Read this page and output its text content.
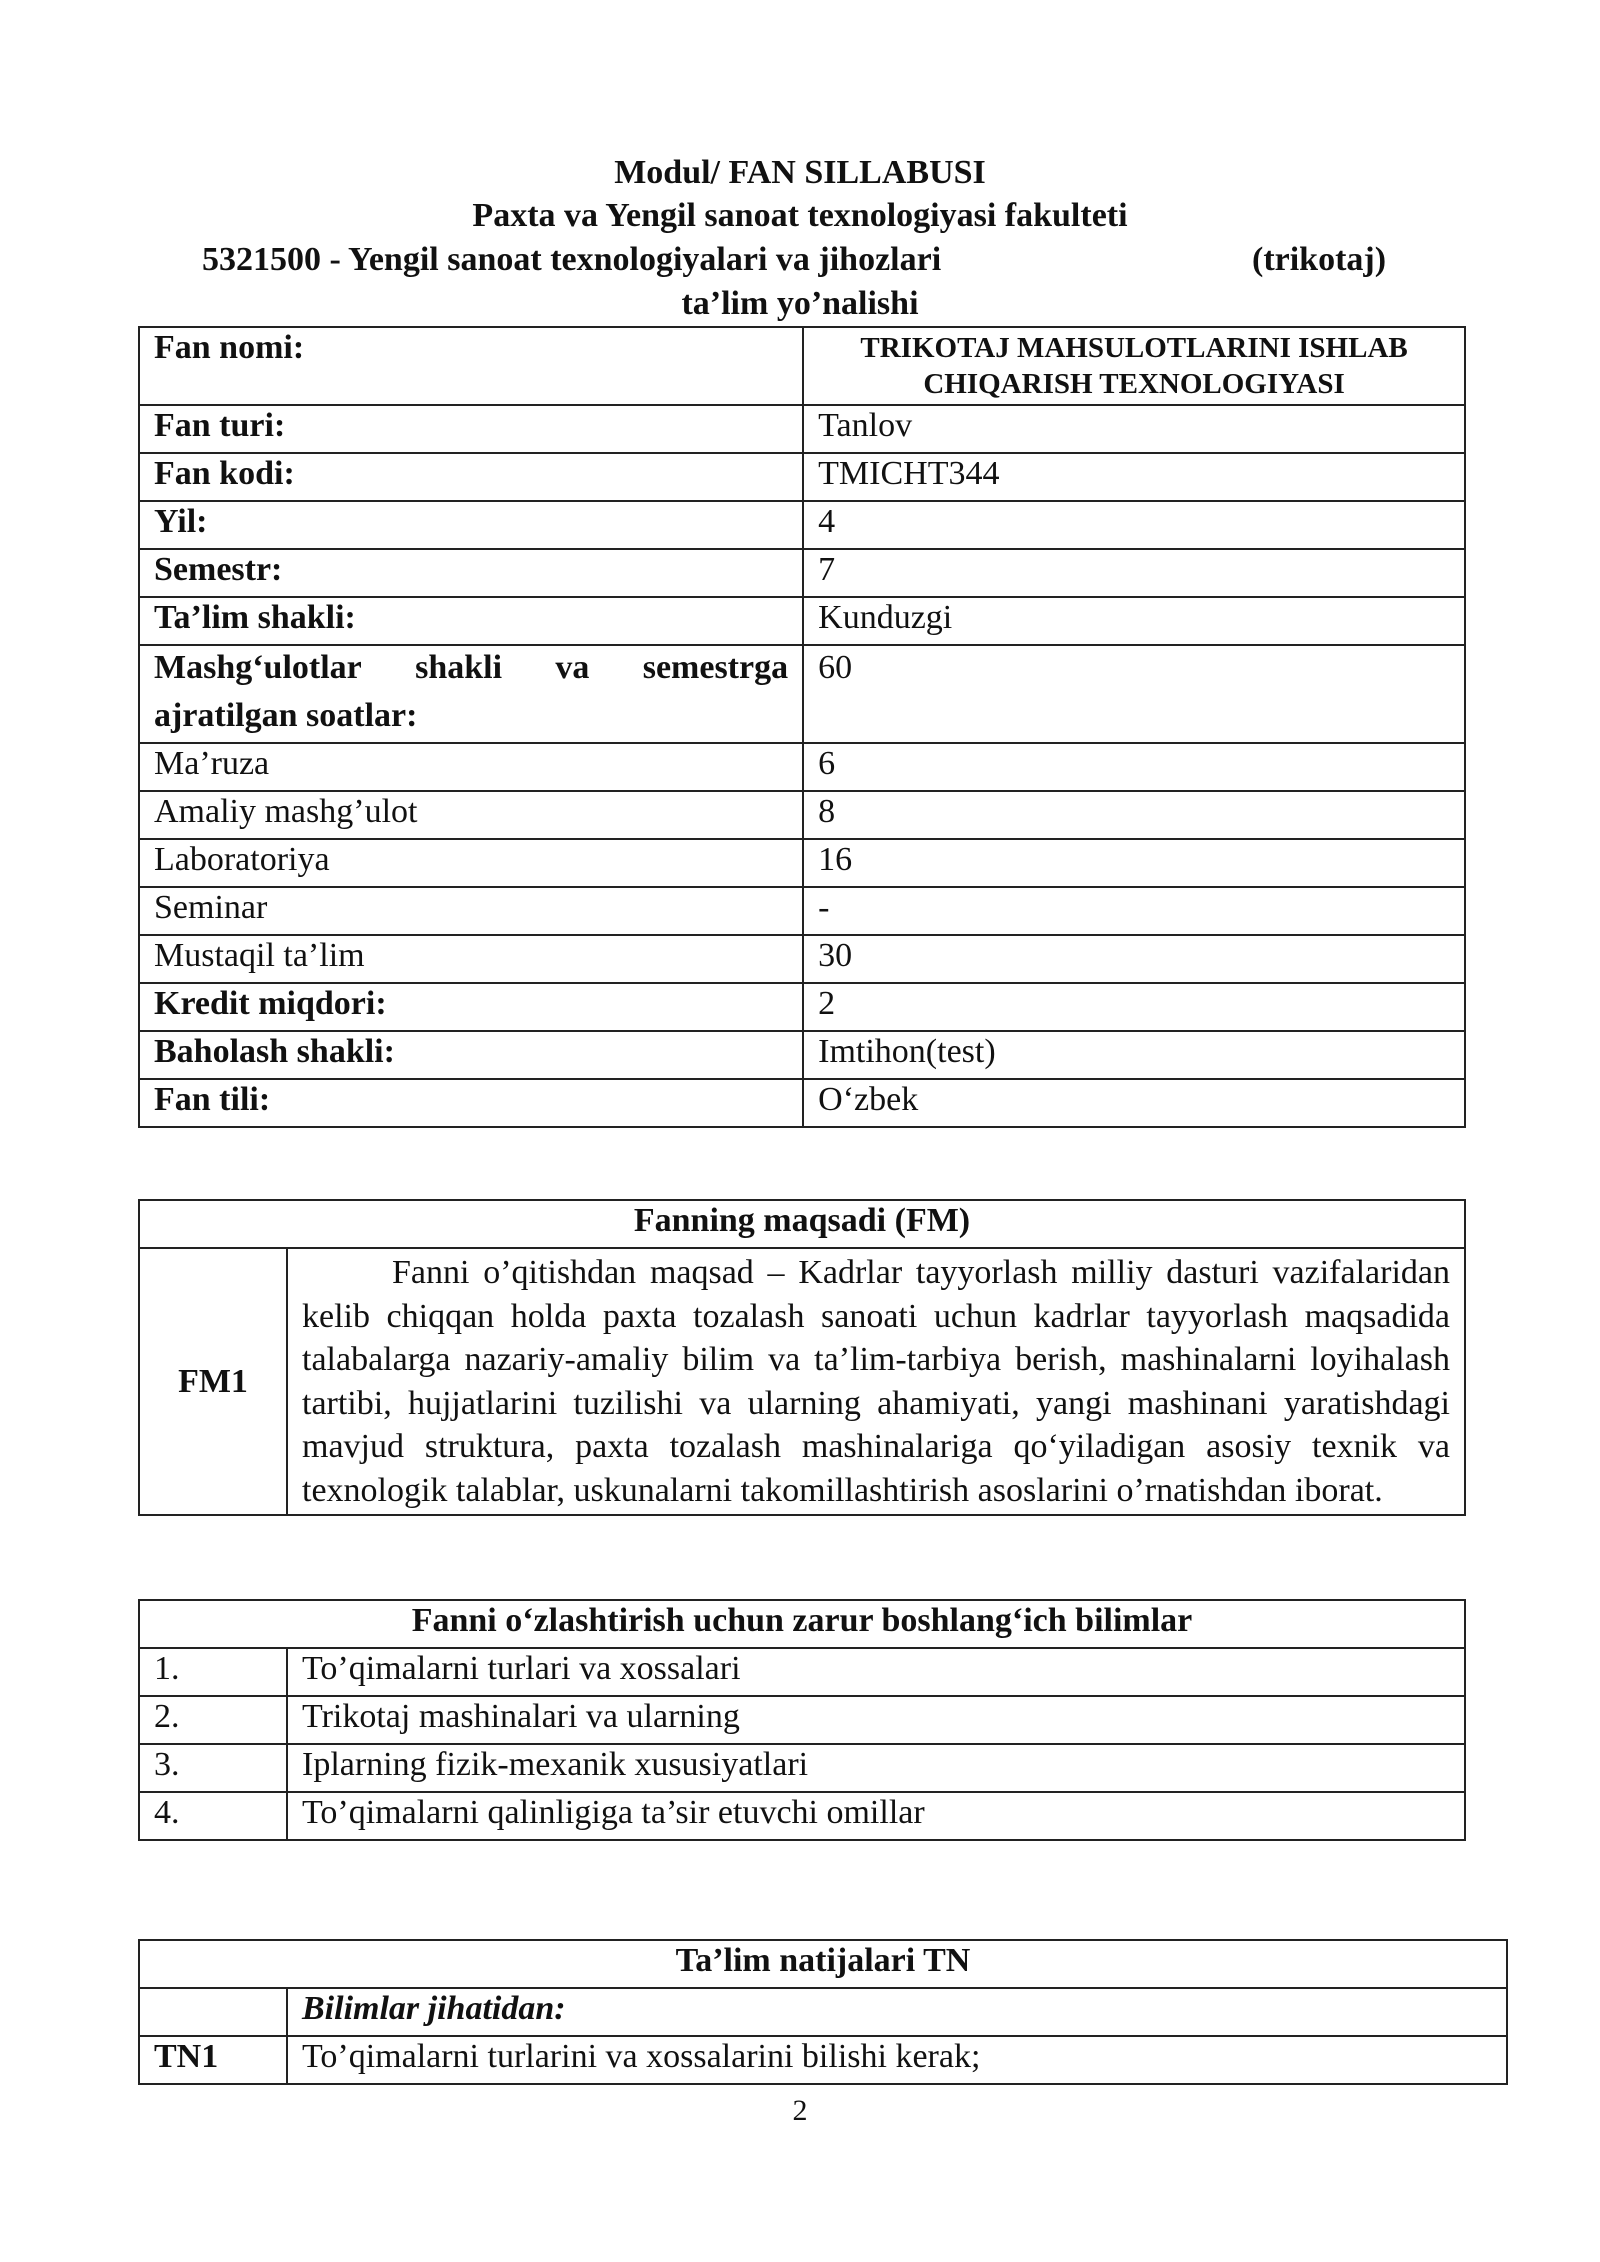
Modul/ FAN SILLABUSI
Paxta va Yengil sanoat texnologiyasi fakulteti
5321500 - Yengil sanoat texnologiyalari va jihozlari	(trikotaj)
ta’lim yo’nalishi
Fan nomi:	TRIKOTAJ MAHSULOTLARINI ISHLAB
CHIQARISH TEXNOLOGIYASI

Fan turi:	Tanlov
Fan kodi:	TMICHT344
Yil:	4
Semestr:	7
Ta’lim shakli:	Kunduzgi

Mashg‘ulotlar shakli va semestrga
ajratilgan soatlar:	60
Ma’ruza	6
Amaliy mashg’ulot	8
Laboratoriya	16
Seminar	-
Mustaqil ta’lim	30
Kredit miqdori:	2
Baholash shakli:	Imtihon(test)
Fan tili:	O‘zbek
Fanning maqsadi (FM)
FM1	Fanni o’qitishdan maqsad – Kadrlar tayyorlash milliy dasturi vazifalaridan kelib chiqqan holda paxta tozalash sanoati uchun kadrlar tayyorlash maqsadida talabalarga nazariy-amaliy bilim va ta’lim-tarbiya berish, mashinalarni loyihalash tartibi, hujjatlarini tuzilishi va ularning ahamiyati, yangi mashinani yaratishdagi mavjud struktura, paxta tozalash mashinalariga qo‘yiladigan asosiy texnik va texnologik talablar, uskunalarni takomillashtirish asoslarini o’rnatishdan iborat.
Fanni o‘zlashtirish uchun zarur boshlang‘ich bilimlar	
1.	To’qimalarni turlari va xossalari
2.	Trikotaj mashinalari va ularning
3.	Iplarning fizik-mexanik xususiyatlari
4.	To’qimalarni qalinligiga ta’sir etuvchi omillar
Ta’lim natijalari TN	
	Bilimlar jihatidan:
TN1	To’qimalarni turlarini va xossalarini bilishi kerak;
2
